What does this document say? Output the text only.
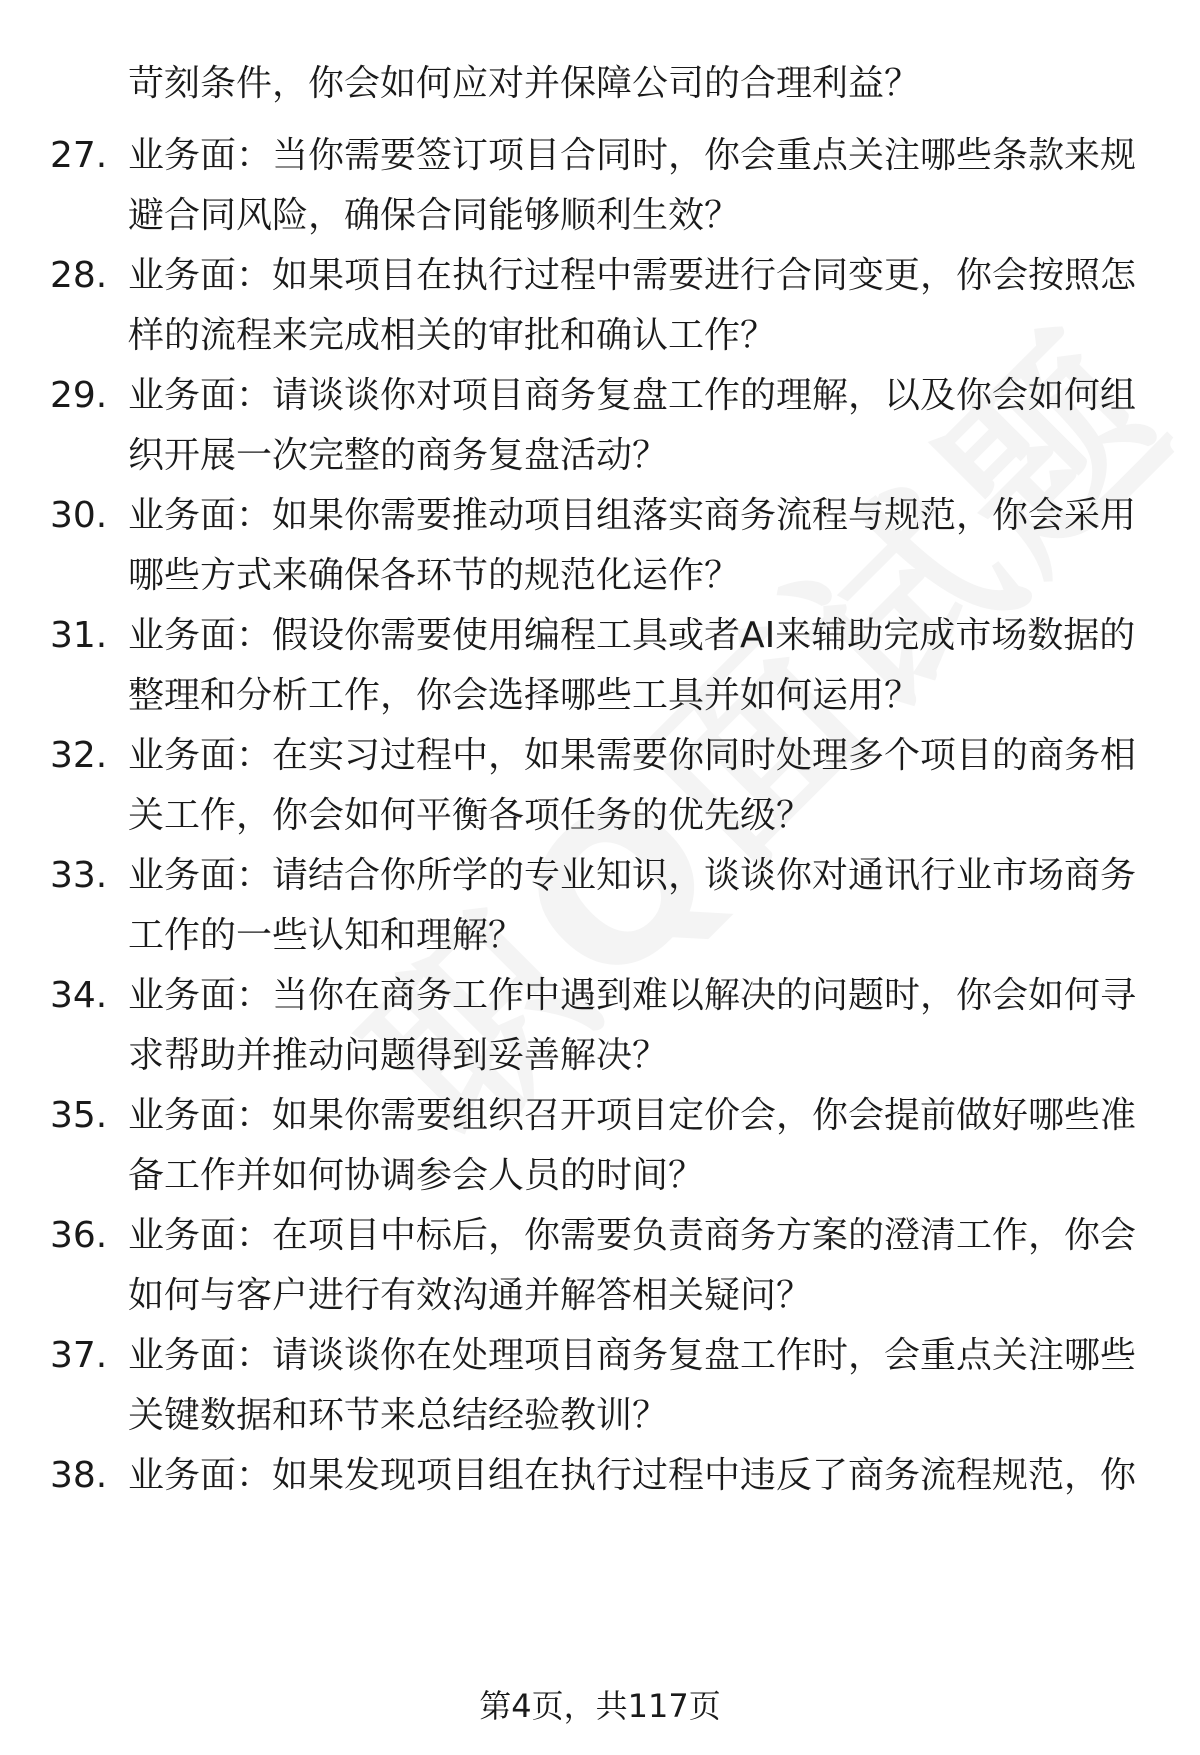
苛刻条件，你会如何应对并保障公司的合理利益？
27. 业务面：当你需要签订项目合同时，你会重点关注哪些条款来规
避合同风险，确保合同能够顺利生效？
28. 业务面：如果项目在执行过程中需要进行合同变更，你会按照怎
样的流程来完成相关的审批和确认工作？
29. 业务面：请谈谈你对项目商务复盘工作的理解，以及你会如何组
织开展一次完整的商务复盘活动？
30. 业务面：如果你需要推动项目组落实商务流程与规范，你会采用
哪些方式来确保各环节的规范化运作？
31. 业务面：假设你需要使用编程工具或者AI来辅助完成市场数据的
整理和分析工作，你会选择哪些工具并如何运用？
32. 业务面：在实习过程中，如果需要你同时处理多个项目的商务相
关工作，你会如何平衡各项任务的优先级？
33. 业务面：请结合你所学的专业知识，谈谈你对通讯行业市场商务
工作的一些认知和理解？
34. 业务面：当你在商务工作中遇到难以解决的问题时，你会如何寻
求帮助并推动问题得到妥善解决？
35. 业务面：如果你需要组织召开项目定价会，你会提前做好哪些准
备工作并如何协调参会人员的时间？
36. 业务面：在项目中标后，你需要负责商务方案的澄清工作，你会
如何与客户进行有效沟通并解答相关疑问？
37. 业务面：请谈谈你在处理项目商务复盘工作时，会重点关注哪些
关键数据和环节来总结经验教训？
38. 业务面：如果发现项目组在执行过程中违反了商务流程规范，你
第4页，共117页
